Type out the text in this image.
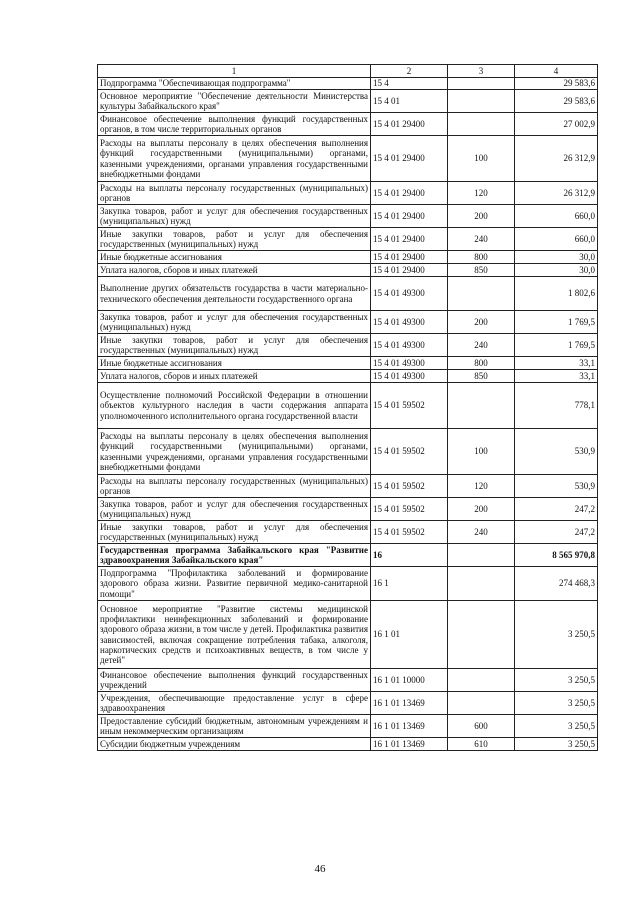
1	2	3	4
Подпрограмма "Обеспечивающая подпрограмма"	15 4		29 583,6
Основное мероприятие "Обеспечение деятельности Министерства культуры Забайкальского края"	15 4 01		29 583,6
Финансовое обеспечение выполнения функций государственных органов, в том числе территориальных органов	15 4 01 29400		27 002,9
Расходы на выплаты персоналу в целях обеспечения выполнения функций государственными (муниципальными) органами, казенными учреждениями, органами управления государственными внебюджетными фондами	15 4 01 29400	100	26 312,9
Расходы на выплаты персоналу государственных (муниципальных) органов	15 4 01 29400	120	26 312,9
Закупка товаров, работ и услуг для обеспечения государственных (муниципальных) нужд	15 4 01 29400	200	660,0
Иные закупки товаров, работ и услуг для обеспечения государственных (муниципальных) нужд	15 4 01 29400	240	660,0
Иные бюджетные ассигнования	15 4 01 29400	800	30,0
Уплата налогов, сборов и иных платежей	15 4 01 29400	850	30,0
Выполнение других обязательств государства в части материально-технического обеспечения деятельности государственного органа	15 4 01 49300		1 802,6
Закупка товаров, работ и услуг для обеспечения государственных (муниципальных) нужд	15 4 01 49300	200	1 769,5
Иные закупки товаров, работ и услуг для обеспечения государственных (муниципальных) нужд	15 4 01 49300	240	1 769,5
Иные бюджетные ассигнования	15 4 01 49300	800	33,1
Уплата налогов, сборов и иных платежей	15 4 01 49300	850	33,1
Осуществление полномочий Российской Федерации в отношении объектов культурного наследия в части содержания аппарата уполномоченного исполнительного органа государственной власти	15 4 01 59502		778,1
Расходы на выплаты персоналу в целях обеспечения выполнения функций государственными (муниципальными) органами, казенными учреждениями, органами управления государственными внебюджетными фондами	15 4 01 59502	100	530,9
Расходы на выплаты персоналу государственных (муниципальных) органов	15 4 01 59502	120	530,9
Закупка товаров, работ и услуг для обеспечения государственных (муниципальных) нужд	15 4 01 59502	200	247,2
Иные закупки товаров, работ и услуг для обеспечения государственных (муниципальных) нужд	15 4 01 59502	240	247,2
Государственная программа Забайкальского края "Развитие здравоохранения Забайкальского края"	16		8 565 970,8
Подпрограмма "Профилактика заболеваний и формирование здорового образа жизни. Развитие первичной медико-санитарной помощи"	16 1		274 468,3
Основное мероприятие "Развитие системы медицинской профилактики неинфекционных заболеваний и формирование здорового образа жизни, в том числе у детей. Профилактика развития зависимостей, включая сокращение потребления табака, алкоголя, наркотических средств и психоактивных веществ, в том числе у детей"	16 1 01		3 250,5
Финансовое обеспечение выполнения функций государственных учреждений	16 1 01 10000		3 250,5
Учреждения, обеспечивающие предоставление услуг в сфере здравоохранения	16 1 01 13469		3 250,5
Предоставление субсидий бюджетным, автономным учреждениям и иным некоммерческим организациям	16 1 01 13469	600	3 250,5
Субсидии бюджетным учреждениям	16 1 01 13469	610	3 250,5
46
